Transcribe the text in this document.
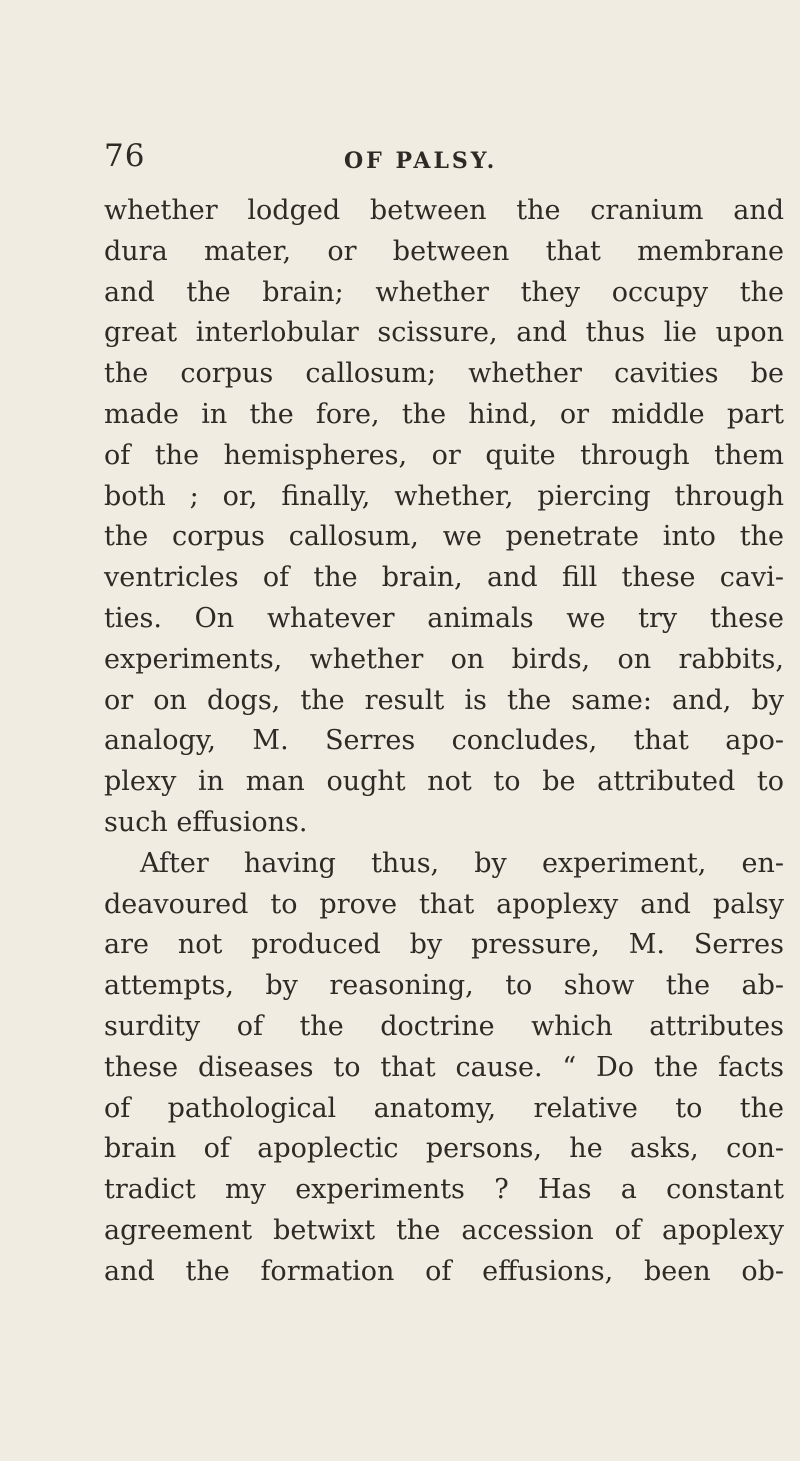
76	OF PALSY.
whether lodged between the cranium and
dura mater, or between that membrane
and the brain; whether they occupy the
great interlobular scissure, and thus lie upon
the corpus callosum; whether cavities be
made in the fore, the hind, or middle part
of the hemispheres, or quite through them
both ; or, finally, whether, piercing through
the corpus callosum, we penetrate into the
ventricles of the brain, and fill these cavi-
ties. On whatever animals we try these
experiments, whether on birds, on rabbits,
or on dogs, the result is the same: and, by
analogy, M. Serres concludes, that apo-
plexy in man ought not to be attributed to
such effusions.
After having thus, by experiment, en-
deavoured to prove that apoplexy and palsy
are not produced by pressure, M. Serres
attempts, by reasoning, to show the ab-
surdity of the doctrine which attributes
these diseases to that cause. “ Do the facts
of pathological anatomy, relative to the
brain of apoplectic persons, he asks, con-
tradict my experiments ? Has a constant
agreement betwixt the accession of apoplexy
and the formation of effusions, been ob-
